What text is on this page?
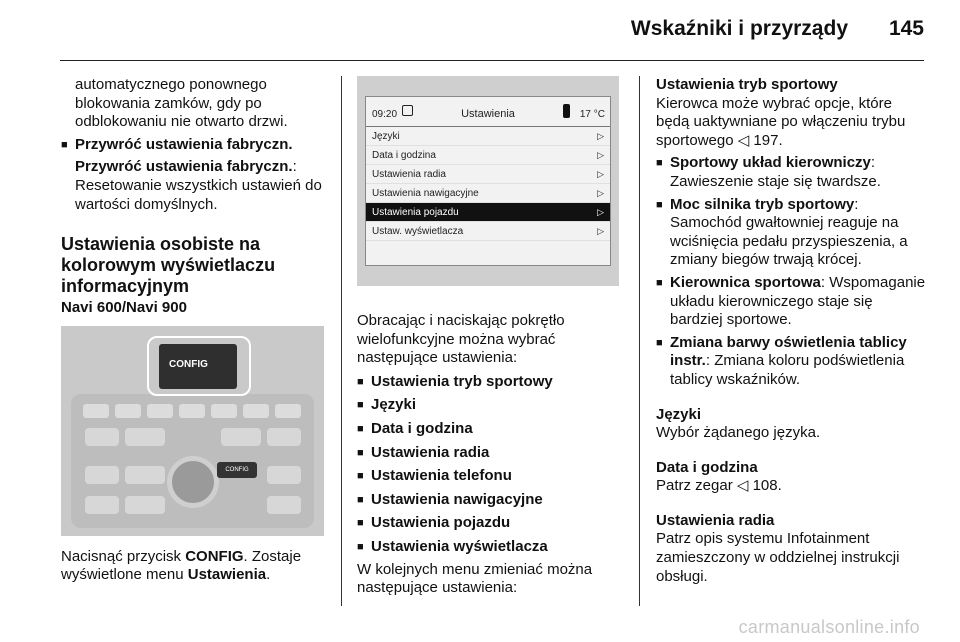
Wskaźniki i przyrządy 145

automatycznego ponownego blokowania zamków, gdy po odblokowaniu nie otwarto drzwi.

■ Przywróć ustawienia fabryczn.

Przywróć ustawienia fabryczn.: Resetowanie wszystkich ustawień do wartości domyślnych.

Ustawienia osobiste na kolorowym wyświetlaczu informacyjnym

Navi 600/Navi 900

CONFIG
CONFIG

Nacisnąć przycisk CONFIG. Zostaje wyświetlone menu Ustawienia.

09:20	Ustawienia	17 °C
Języki	▷
Data i godzina	▷
Ustawienia radia	▷
Ustawienia nawigacyjne	▷
Ustawienia pojazdu	▷
Ustaw. wyświetlacza	▷

Obracając i naciskając pokrętło wielofunkcyjne można wybrać następujące ustawienia:

■ Ustawienia tryb sportowy

■ Języki

■ Data i godzina

■ Ustawienia radia

■ Ustawienia telefonu

■ Ustawienia nawigacyjne

■ Ustawienia pojazdu

■ Ustawienia wyświetlacza

W kolejnych menu zmieniać można następujące ustawienia:

Ustawienia tryb sportowy

Kierowca może wybrać opcje, które będą uaktywniane po włączeniu trybu sportowego ◁ 197.

■ Sportowy układ kierowniczy: Zawieszenie staje się twardsze.

■ Moc silnika tryb sportowy: Samochód gwałtowniej reaguje na wciśnięcia pedału przyspieszenia, a zmiany biegów trwają krócej.

■ Kierownica sportowa: Wspomaganie układu kierowniczego staje się bardziej sportowe.

■ Zmiana barwy oświetlenia tablicy instr.: Zmiana koloru podświetlenia tablicy wskaźników.

Języki

Wybór żądanego języka.

Data i godzina

Patrz zegar ◁ 108.

Ustawienia radia

Patrz opis systemu Infotainment zamieszczony w oddzielnej instrukcji obsługi.

carmanualsonline.info
